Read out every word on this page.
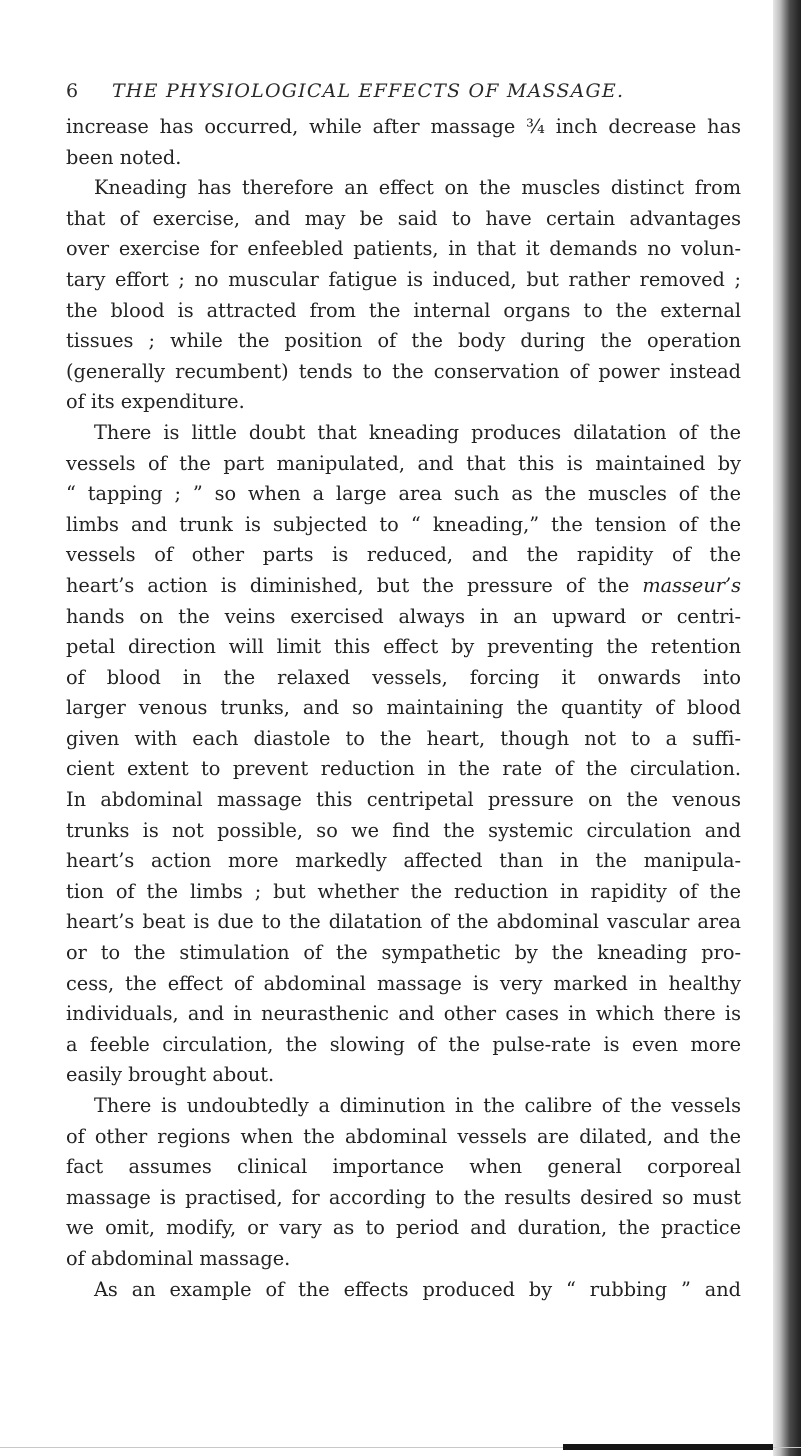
6 THE PHYSIOLOGICAL EFFECTS OF MASSAGE.
increase has occurred, while after massage ¾ inch decrease has
been noted.
Kneading has therefore an effect on the muscles distinct from
that of exercise, and may be said to have certain advantages
over exercise for enfeebled patients, in that it demands no volun-
tary effort ; no muscular fatigue is induced, but rather removed ;
the blood is attracted from the internal organs to the external
tissues ; while the position of the body during the operation
(generally recumbent) tends to the conservation of power instead
of its expenditure.
There is little doubt that kneading produces dilatation of the
vessels of the part manipulated, and that this is maintained by
“ tapping ; ” so when a large area such as the muscles of the
limbs and trunk is subjected to “ kneading,” the tension of the
vessels of other parts is reduced, and the rapidity of the
heart’s action is diminished, but the pressure of the masseur’s
hands on the veins exercised always in an upward or centri-
petal direction will limit this effect by preventing the retention
of blood in the relaxed vessels, forcing it onwards into
larger venous trunks, and so maintaining the quantity of blood
given with each diastole to the heart, though not to a suffi-
cient extent to prevent reduction in the rate of the circulation.
In abdominal massage this centripetal pressure on the venous
trunks is not possible, so we find the systemic circulation and
heart’s action more markedly affected than in the manipula-
tion of the limbs ; but whether the reduction in rapidity of the
heart’s beat is due to the dilatation of the abdominal vascular area
or to the stimulation of the sympathetic by the kneading pro-
cess, the effect of abdominal massage is very marked in healthy
individuals, and in neurasthenic and other cases in which there is
a feeble circulation, the slowing of the pulse-rate is even more
easily brought about.
There is undoubtedly a diminution in the calibre of the vessels
of other regions when the abdominal vessels are dilated, and the
fact assumes clinical importance when general corporeal
massage is practised, for according to the results desired so must
we omit, modify, or vary as to period and duration, the practice
of abdominal massage.
As an example of the effects produced by “ rubbing ” and
